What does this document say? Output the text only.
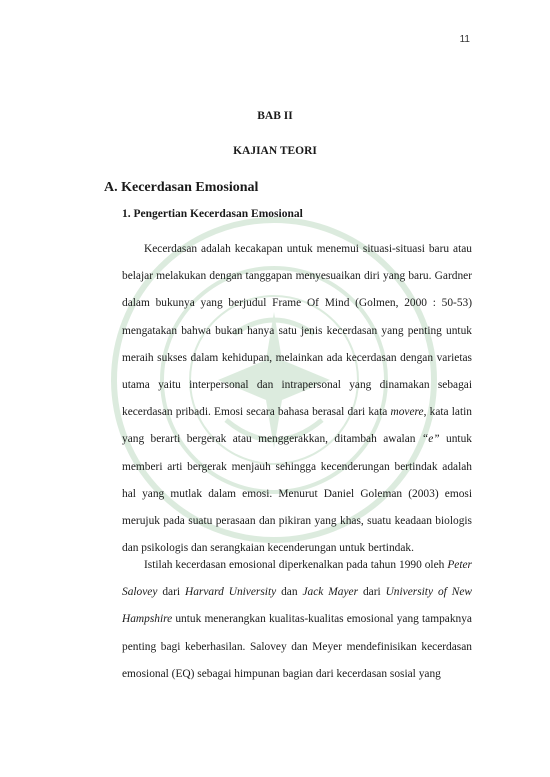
11
BAB II
KAJIAN TEORI
A. Kecerdasan Emosional
1. Pengertian Kecerdasan Emosional

Kecerdasan adalah kecakapan untuk menemui situasi-situasi baru atau belajar melakukan dengan tanggapan menyesuaikan diri yang baru. Gardner dalam bukunya yang berjudul Frame Of Mind (Golmen, 2000 : 50-53) mengatakan bahwa bukan hanya satu jenis kecerdasan yang penting untuk meraih sukses dalam kehidupan, melainkan ada kecerdasan dengan varietas utama yaitu interpersonal dan intrapersonal yang dinamakan sebagai kecerdasan pribadi. Emosi secara bahasa berasal dari kata movere, kata latin yang berarti bergerak atau menggerakkan, ditambah awalan “e” untuk memberi arti bergerak menjauh sehingga kecenderungan bertindak adalah hal yang mutlak dalam emosi. Menurut Daniel Goleman (2003) emosi merujuk pada suatu perasaan dan pikiran yang khas, suatu keadaan biologis dan psikologis dan serangkaian kecenderungan untuk bertindak.

Istilah kecerdasan emosional diperkenalkan pada tahun 1990 oleh Peter Salovey dari Harvard University dan Jack Mayer dari University of New Hampshire untuk menerangkan kualitas-kualitas emosional yang tampaknya penting bagi keberhasilan. Salovey dan Meyer mendefinisikan kecerdasan emosional (EQ) sebagai himpunan bagian dari kecerdasan sosial yang
